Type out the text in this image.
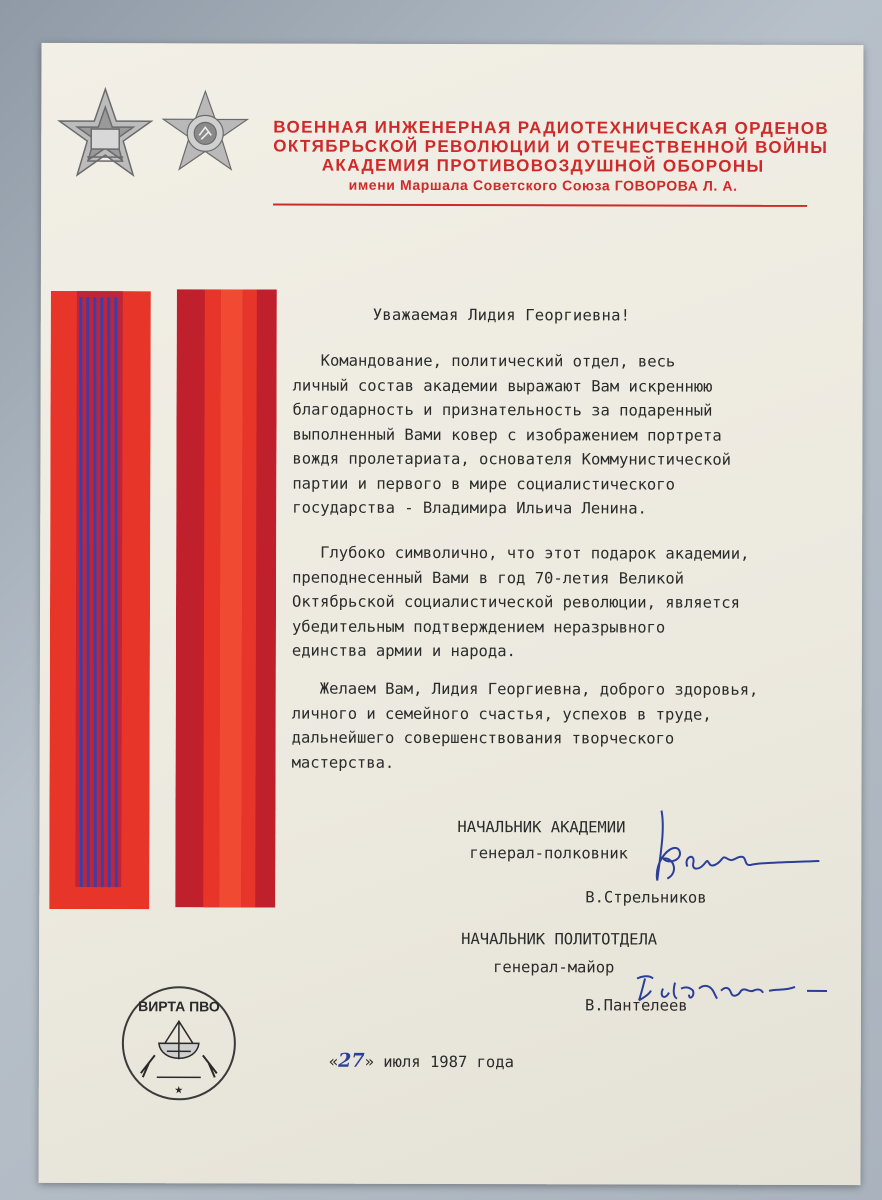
ВОЕННАЯ ИНЖЕНЕРНАЯ РАДИОТЕХНИЧЕСКАЯ ОРДЕНОВ
ОКТЯБРЬСКОЙ РЕВОЛЮЦИИ И ОТЕЧЕСТВЕННОЙ ВОЙНЫ
АКАДЕМИЯ ПРОТИВОВОЗДУШНОЙ ОБОРОНЫ
имени Маршала Советского Союза ГОВОРОВА Л. А.
Уважаемая Лидия Георгиевна!
Командование, политический отдел, весь
личный состав академии выражают Вам искреннюю
благодарность и признательность за подаренный
выполненный Вами ковер с изображением портрета
вождя пролетариата, основателя Коммунистической
партии и первого в мире социалистического
государства - Владимира Ильича Ленина.
Глубоко символично, что этот подарок академии,
преподнесенный Вами в год 70-летия Великой
Октябрьской социалистической революции, является
убедительным подтверждением неразрывного
единства армии и народа.
Желаем Вам, Лидия Георгиевна, доброго здоровья,
личного и семейного счастья, успехов в труде,
дальнейшего совершенствования творческого
мастерства.
НАЧАЛЬНИК АКАДЕМИИ
генерал-полковник
В.Стрельников
НАЧАЛЬНИК ПОЛИТОТДЕЛА
генерал-майор
В.Пантелеев
ВИРТА ПВО
★
«27» июля 1987 года
